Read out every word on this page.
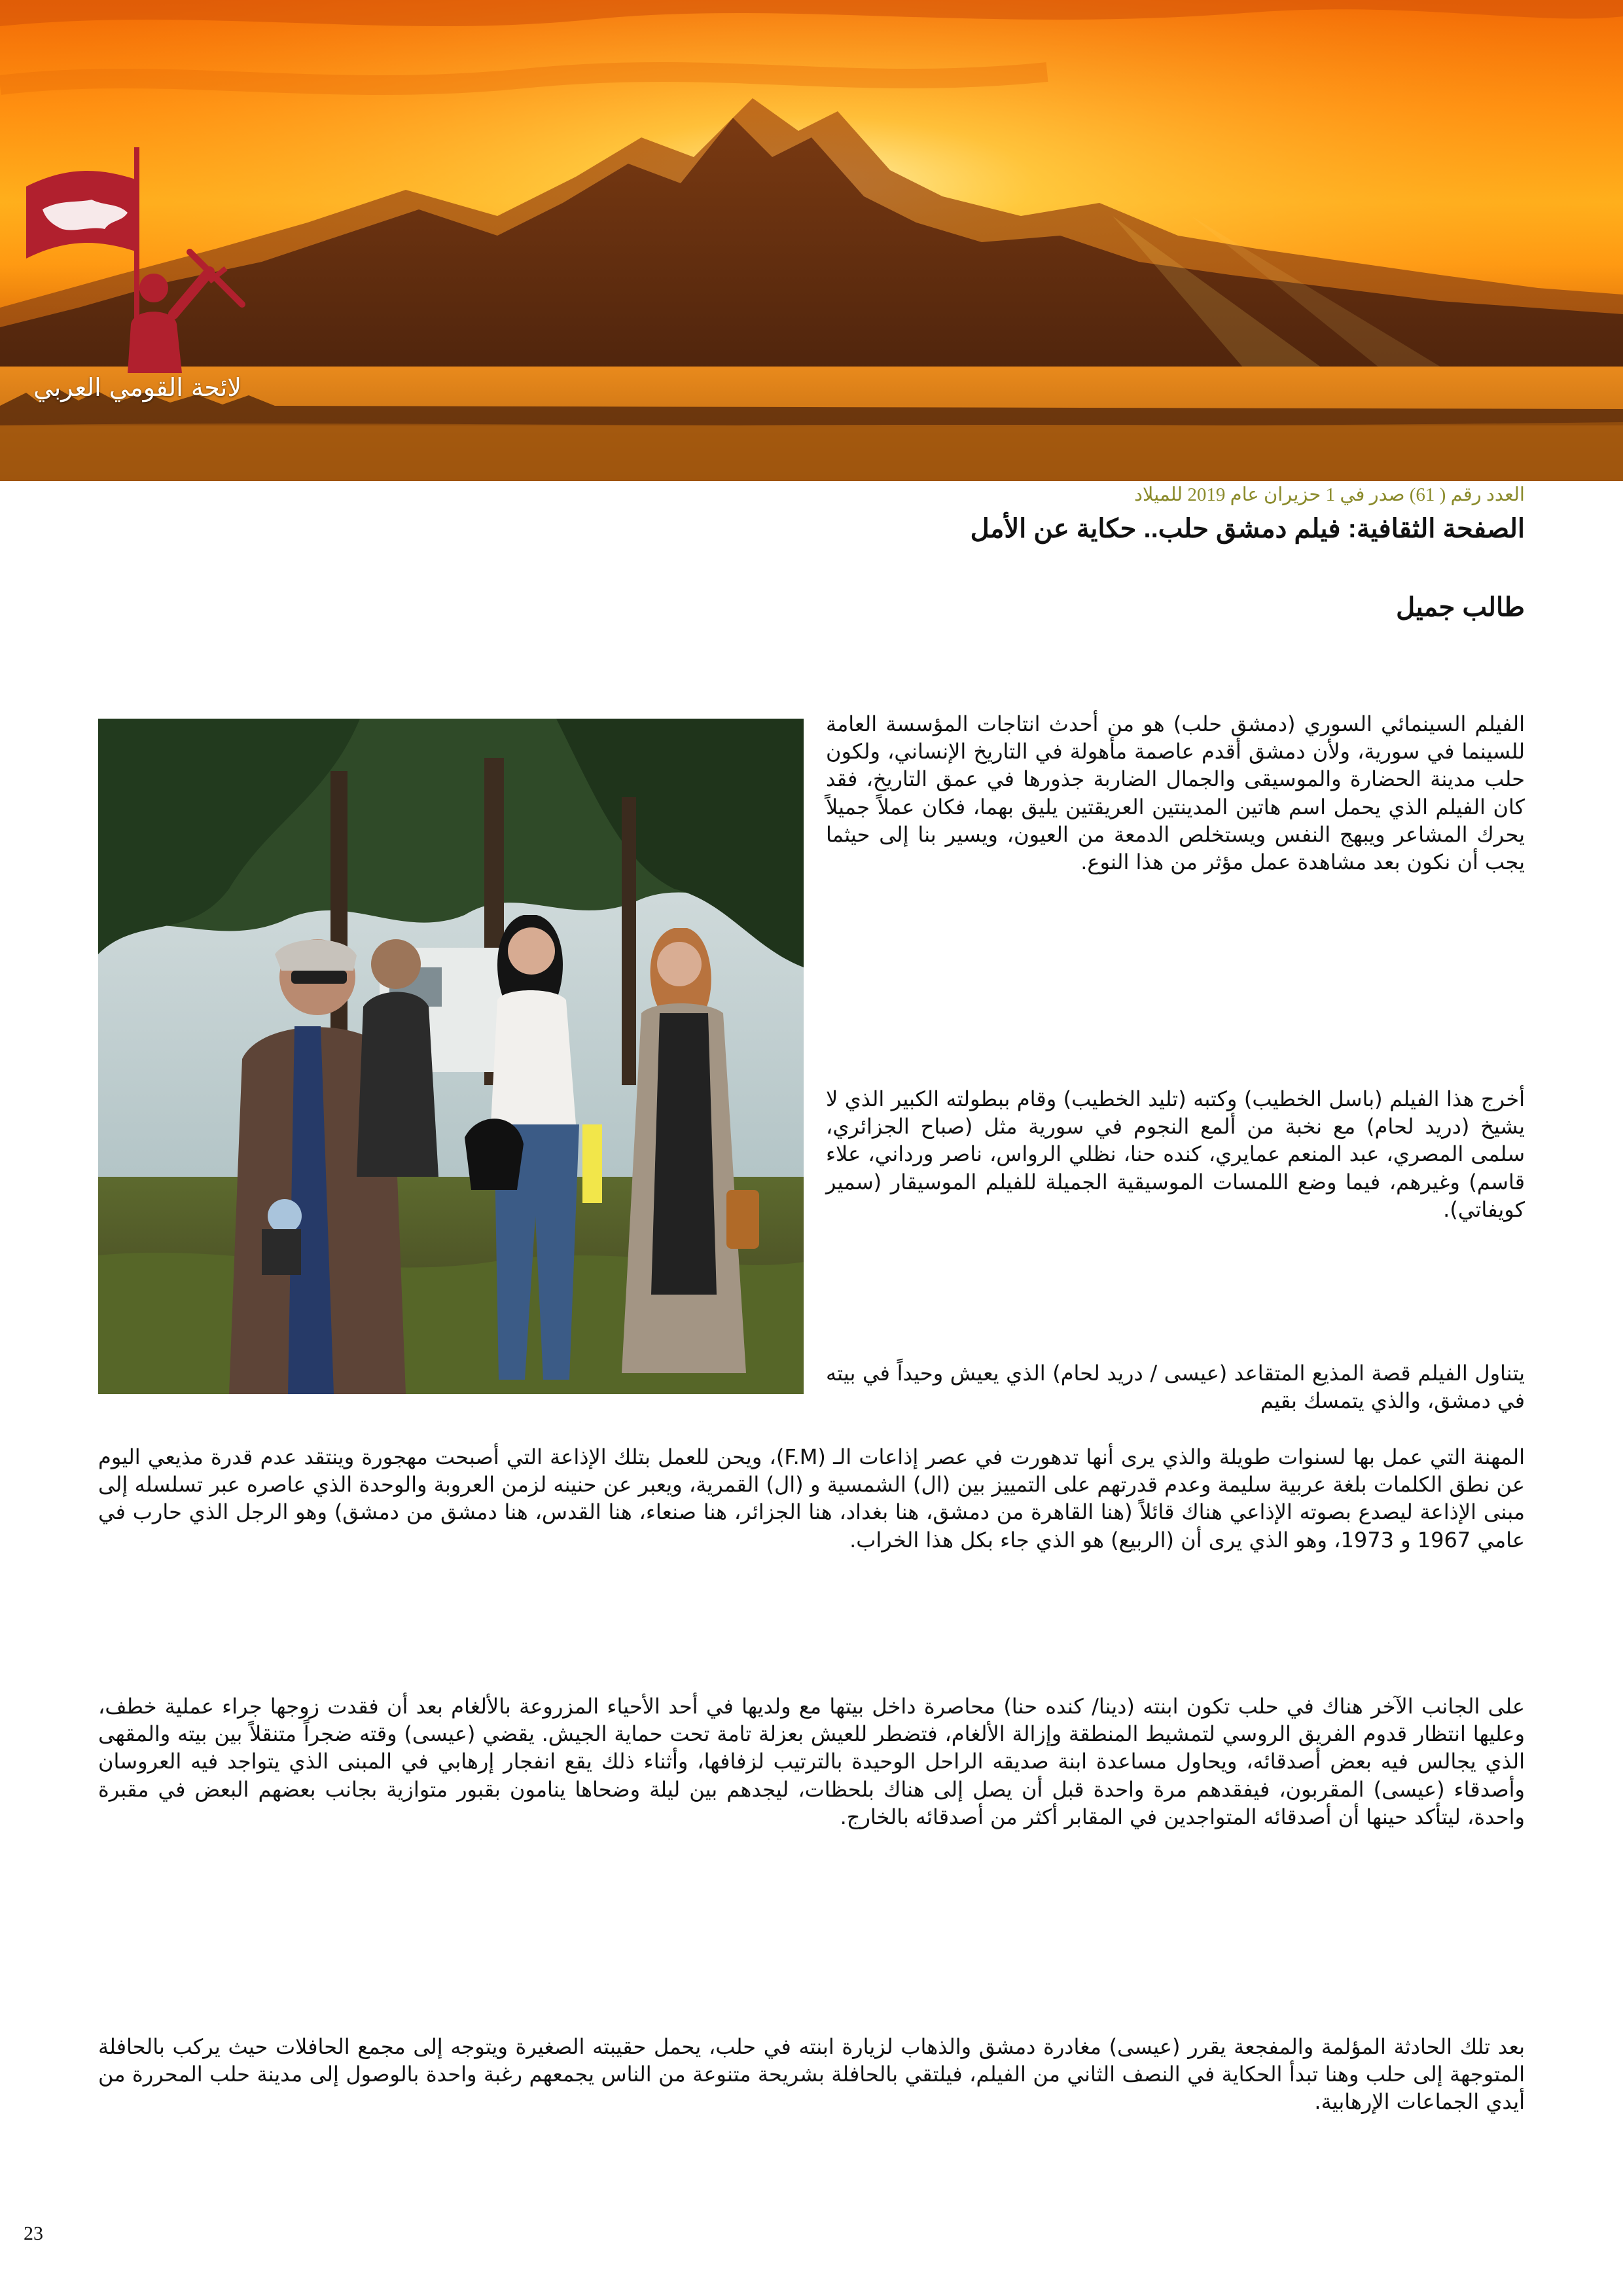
لائحة القومي العربي
العدد رقم ( 61) صدر في 1 حزيران عام 2019 للميلاد
الصفحة الثقافية: فيلم دمشق حلب.. حكاية عن الأمل
طالب جميل

الفيلم السينمائي السوري (دمشق حلب) هو من أحدث انتاجات المؤسسة العامة للسينما في سورية، ولأن دمشق أقدم عاصمة مأهولة في التاريخ الإنساني، ولكون حلب مدينة الحضارة والموسيقى والجمال الضاربة جذورها في عمق التاريخ، فقد كان الفيلم الذي يحمل اسم هاتين المدينتين العريقتين يليق بهما، فكان عملاً جميلاً يحرك المشاعر ويبهج النفس ويستخلص الدمعة من العيون، ويسير بنا إلى حيثما يجب أن نكون بعد مشاهدة عمل مؤثر من هذا النوع.

أخرج هذا الفيلم (باسل الخطيب) وكتبه (تليد الخطيب) وقام ببطولته الكبير الذي لا يشيخ (دريد لحام) مع نخبة من ألمع النجوم في سورية مثل (صباح الجزائري، سلمى المصري، عبد المنعم عمايري، كنده حنا، نظلي الرواس، ناصر ورداني، علاء قاسم) وغيرهم، فيما وضع اللمسات الموسيقية الجميلة للفيلم الموسيقار (سمير كويفاتي).

يتناول الفيلم قصة المذيع المتقاعد (عيسى / دريد لحام) الذي يعيش وحيداً في بيته في دمشق، والذي يتمسك بقيم

المهنة التي عمل بها لسنوات طويلة والذي يرى أنها تدهورت في عصر إذاعات الـ (F.M)، ويحن للعمل بتلك الإذاعة التي أصبحت مهجورة وينتقد عدم قدرة مذيعي اليوم عن نطق الكلمات بلغة عربية سليمة وعدم قدرتهم على التمييز بين (ال) الشمسية و (ال) القمرية، ويعبر عن حنينه لزمن العروبة والوحدة الذي عاصره عبر تسلسله إلى مبنى الإذاعة ليصدع بصوته الإذاعي هناك قائلاً (هنا القاهرة من دمشق، هنا بغداد، هنا الجزائر، هنا صنعاء، هنا القدس، هنا دمشق من دمشق) وهو الرجل الذي حارب في عامي 1967 و 1973، وهو الذي يرى أن (الربيع) هو الذي جاء بكل هذا الخراب.

على الجانب الآخر هناك في حلب تكون ابنته (دينا/ كنده حنا) محاصرة داخل بيتها مع ولديها في أحد الأحياء المزروعة بالألغام بعد أن فقدت زوجها جراء عملية خطف، وعليها انتظار قدوم الفريق الروسي لتمشيط المنطقة وإزالة الألغام، فتضطر للعيش بعزلة تامة تحت حماية الجيش. يقضي (عيسى) وقته ضجراً متنقلاً بين بيته والمقهى الذي يجالس فيه بعض أصدقائه، ويحاول مساعدة ابنة صديقه الراحل الوحيدة بالترتيب لزفافها، وأثناء ذلك يقع انفجار إرهابي في المبنى الذي يتواجد فيه العروسان وأصدقاء (عيسى) المقربون، فيفقدهم مرة واحدة قبل أن يصل إلى هناك بلحظات، ليجدهم بين ليلة وضحاها ينامون بقبور متوازية بجانب بعضهم البعض في مقبرة واحدة، ليتأكد حينها أن أصدقائه المتواجدين في المقابر أكثر من أصدقائه بالخارج.

بعد تلك الحادثة المؤلمة والمفجعة يقرر (عيسى) مغادرة دمشق والذهاب لزيارة ابنته في حلب، يحمل حقيبته الصغيرة ويتوجه إلى مجمع الحافلات حيث يركب بالحافلة المتوجهة إلى حلب وهنا تبدأ الحكاية في النصف الثاني من الفيلم، فيلتقي بالحافلة بشريحة متنوعة من الناس يجمعهم رغبة واحدة بالوصول إلى مدينة حلب المحررة من أيدي الجماعات الإرهابية.

23
